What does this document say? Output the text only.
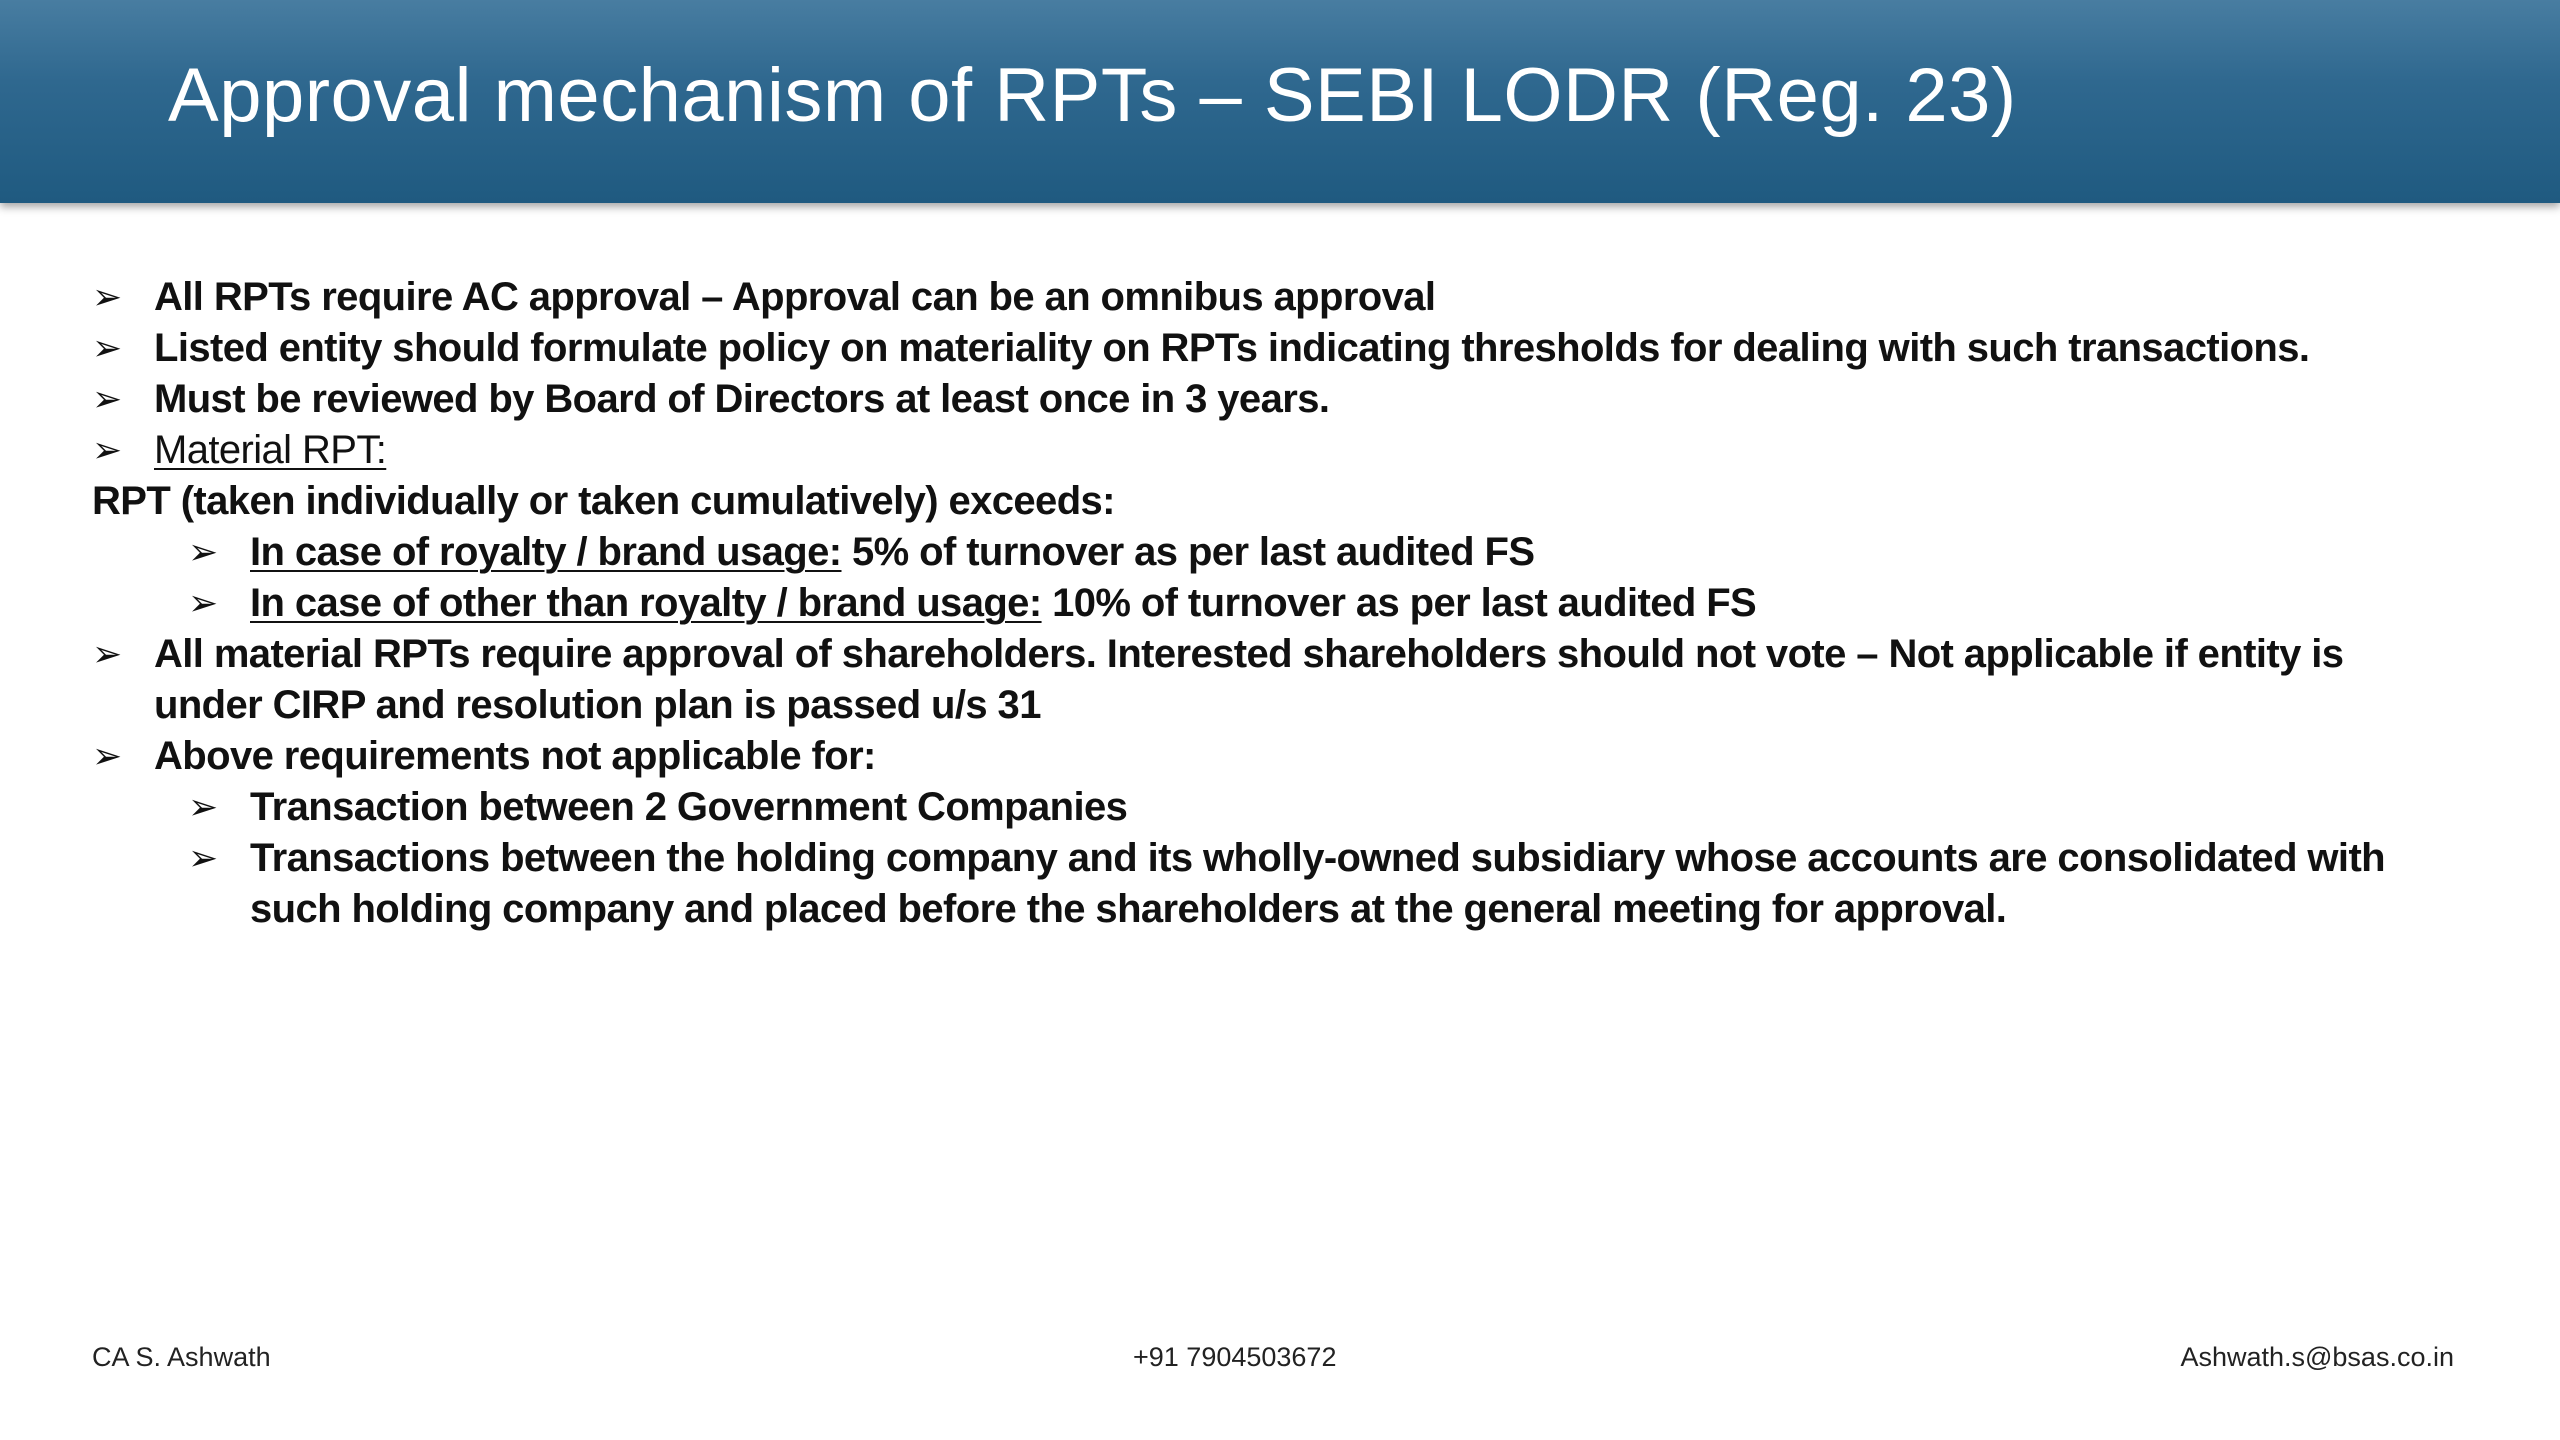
Approval mechanism of RPTs – SEBI LODR (Reg. 23)
➢ All RPTs require AC approval – Approval can be an omnibus approval
➢ Listed entity should formulate policy on materiality on RPTs indicating thresholds for dealing with such transactions.
➢ Must be reviewed by Board of Directors at least once in 3 years.
➢ Material RPT:
RPT (taken individually or taken cumulatively) exceeds:
➢ In case of royalty / brand usage: 5% of turnover as per last audited FS
➢ In case of other than royalty / brand usage: 10% of turnover as per last audited FS
➢ All material RPTs require approval of shareholders. Interested shareholders should not vote – Not applicable if entity is
under CIRP and resolution plan is passed u/s 31
➢ Above requirements not applicable for:
➢ Transaction between 2 Government Companies
➢ Transactions between the holding company and its wholly-owned subsidiary whose accounts are consolidated with
such holding company and placed before the shareholders at the general meeting for approval.
CA S. Ashwath	+91 7904503672	Ashwath.s@bsas.co.in
